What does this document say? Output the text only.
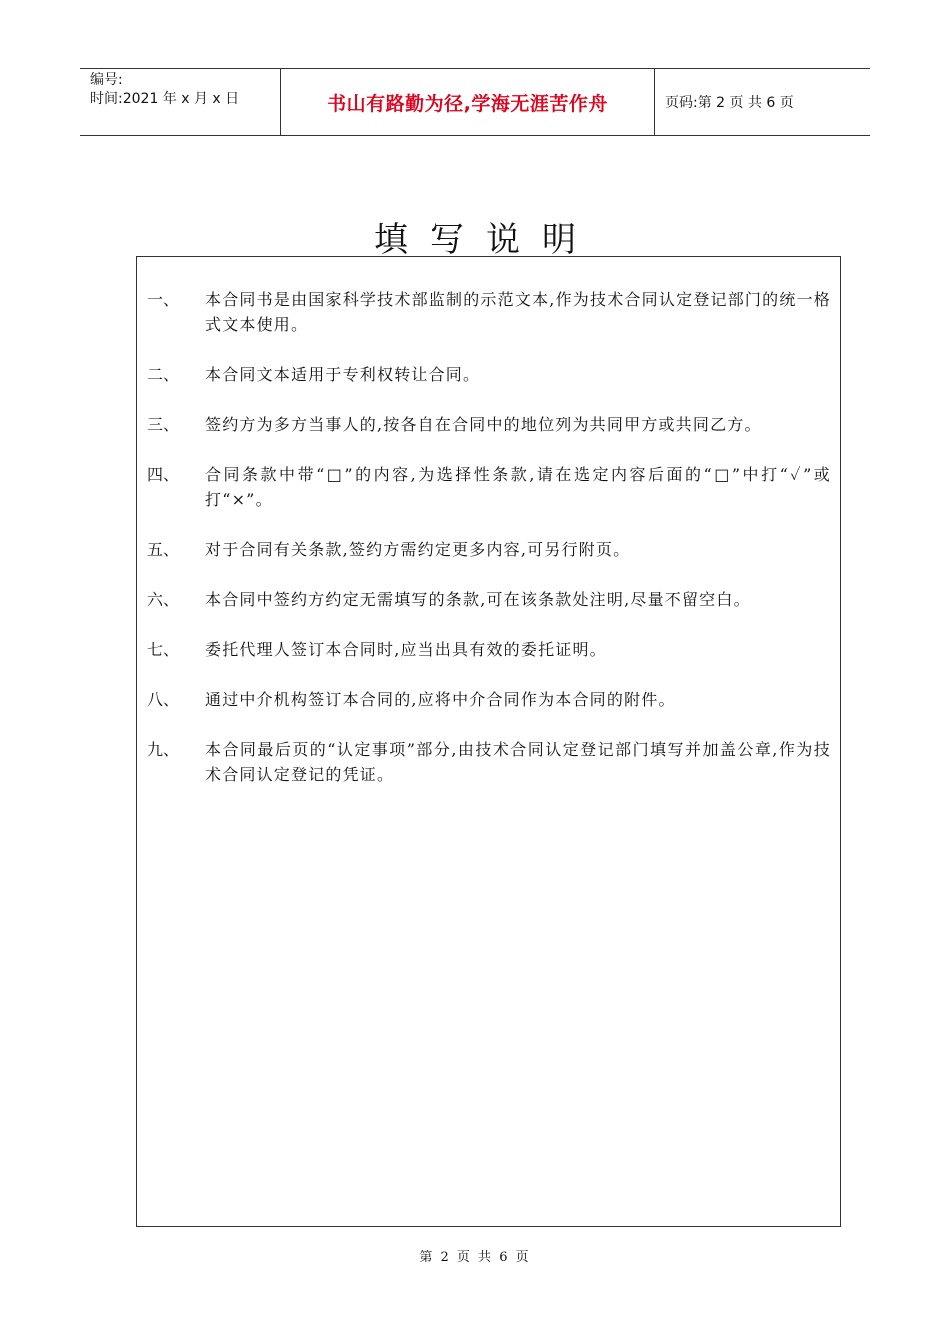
编号:
时间:2021 年 x 月 x 日	书山有路勤为径,学海无涯苦作舟	页码:第 2 页 共 6 页
填写说明
一、	本合同书是由国家科学技术部监制的示范文本,作为技术合同认定登记部门的统一格式文本使用。
二、	本合同文本适用于专利权转让合同。
三、	签约方为多方当事人的,按各自在合同中的地位列为共同甲方或共同乙方。
四、	合同条款中带“□”的内容,为选择性条款,请在选定内容后面的“□”中打“✓”或打“×”。
五、	对于合同有关条款,签约方需约定更多内容,可另行附页。
六、	本合同中签约方约定无需填写的条款,可在该条款处注明,尽量不留空白。
七、	委托代理人签订本合同时,应当出具有效的委托证明。
八、	通过中介机构签订本合同的,应将中介合同作为本合同的附件。
九、	本合同最后页的“认定事项”部分,由技术合同认定登记部门填写并加盖公章,作为技术合同认定登记的凭证。
第 2 页 共 6 页
